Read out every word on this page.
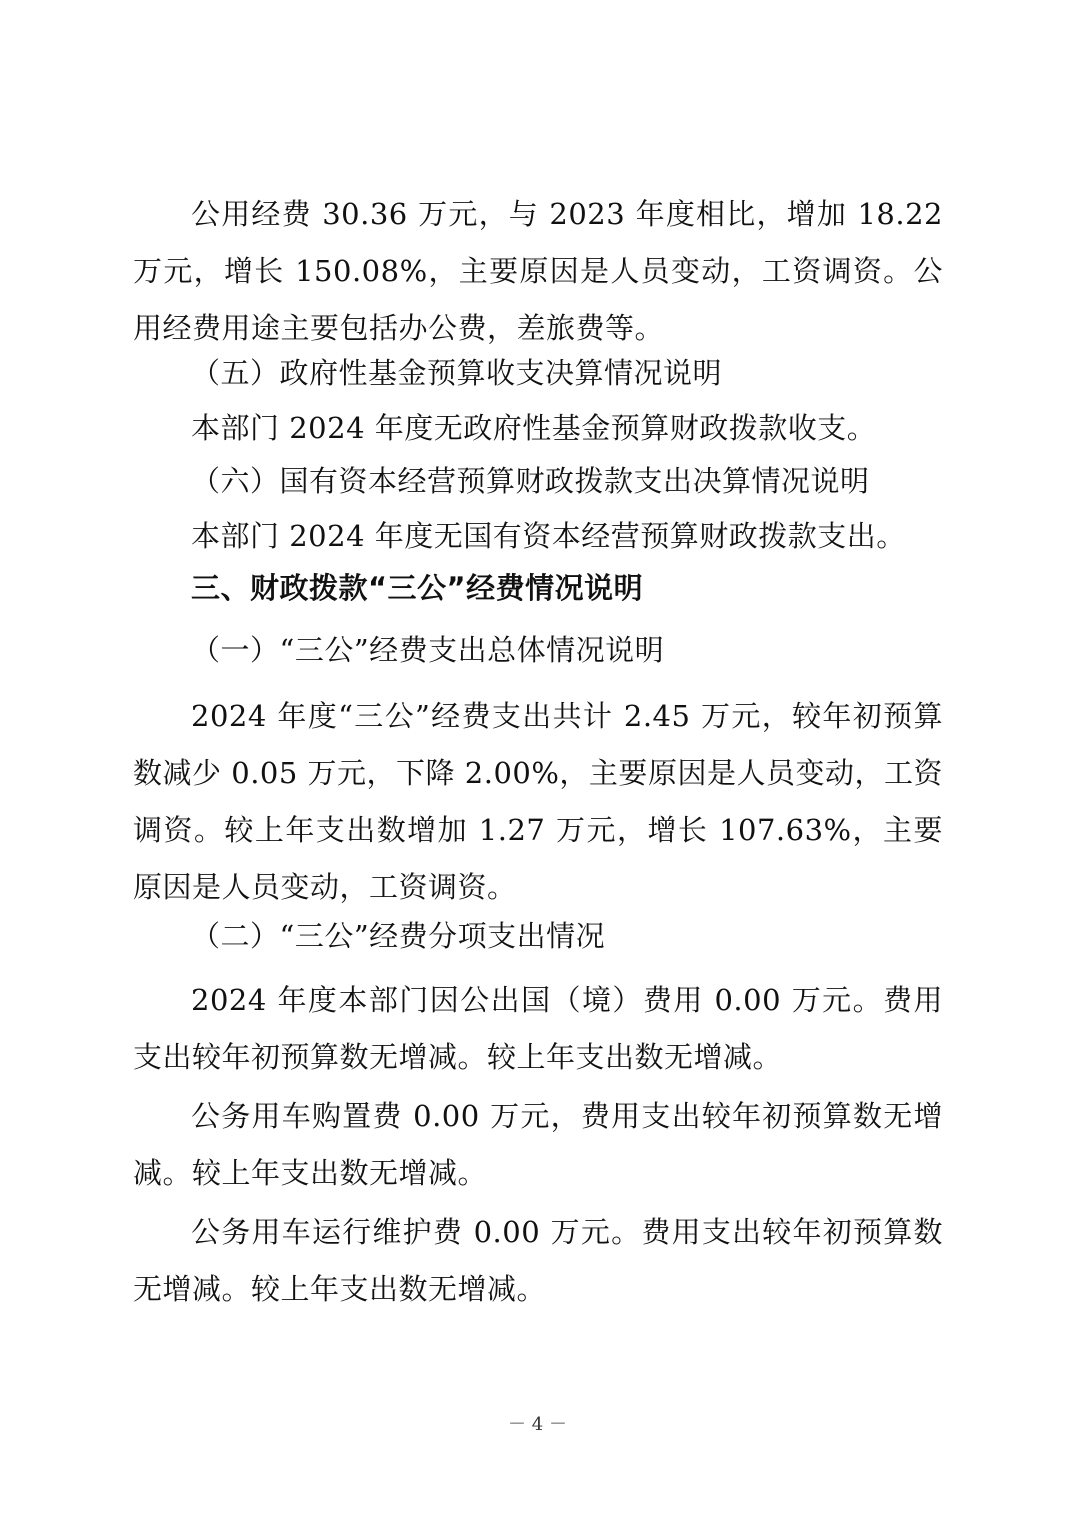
公用经费 30.36 万元，与 2023 年度相比，增加 18.22 万元，增长 150.08%，主要原因是人员变动，工资调资。公用经费用途主要包括办公费，差旅费等。

（五）政府性基金预算收支决算情况说明

本部门 2024 年度无政府性基金预算财政拨款收支。

（六）国有资本经营预算财政拨款支出决算情况说明

本部门 2024 年度无国有资本经营预算财政拨款支出。

三、财政拨款“三公”经费情况说明

（一）“三公”经费支出总体情况说明

2024 年度“三公”经费支出共计 2.45 万元，较年初预算数减少 0.05 万元，下降 2.00%，主要原因是人员变动，工资调资。较上年支出数增加 1.27 万元，增长 107.63%，主要原因是人员变动，工资调资。

（二）“三公”经费分项支出情况

2024 年度本部门因公出国（境）费用 0.00 万元。费用支出较年初预算数无增减。较上年支出数无增减。

公务用车购置费 0.00 万元，费用支出较年初预算数无增减。较上年支出数无增减。

公务用车运行维护费 0.00 万元。费用支出较年初预算数无增减。较上年支出数无增减。

－ 4 －
